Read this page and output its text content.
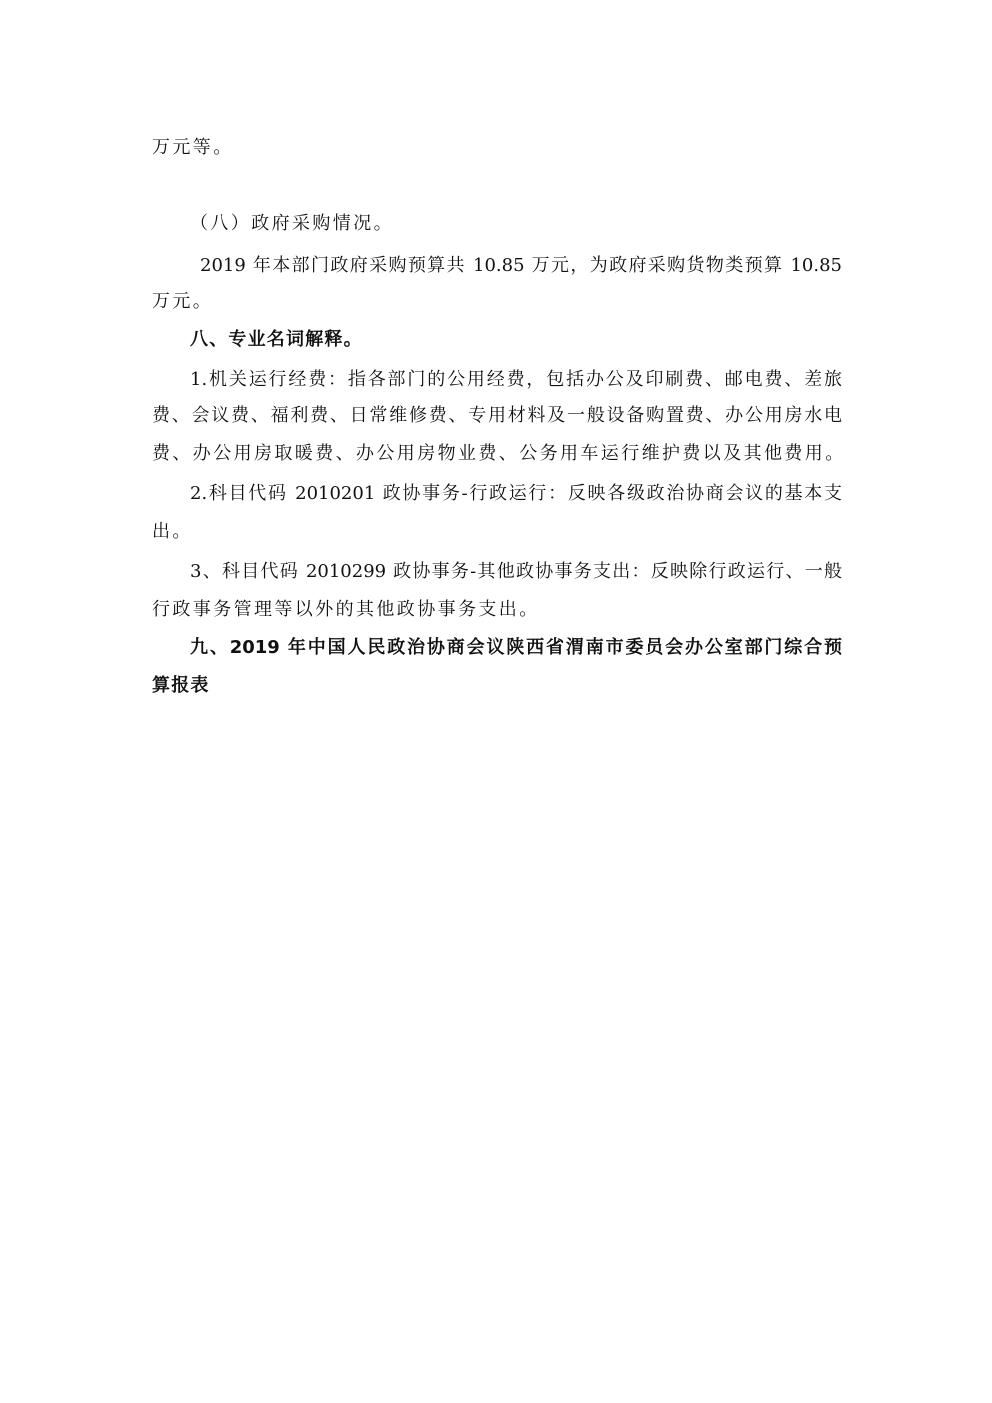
万元等。
（八）政府采购情况。
2019 年本部门政府采购预算共 10.85 万元，为政府采购货物类预算 10.85
万元。
八、专业名词解释。
1.机关运行经费：指各部门的公用经费，包括办公及印刷费、邮电费、差旅
费、会议费、福利费、日常维修费、专用材料及一般设备购置费、办公用房水电
费、办公用房取暖费、办公用房物业费、公务用车运行维护费以及其他费用。
2.科目代码 2010201 政协事务-行政运行：反映各级政治协商会议的基本支
出。
3、科目代码 2010299 政协事务-其他政协事务支出：反映除行政运行、一般
行政事务管理等以外的其他政协事务支出。
九、2019 年中国人民政治协商会议陕西省渭南市委员会办公室部门综合预
算报表
